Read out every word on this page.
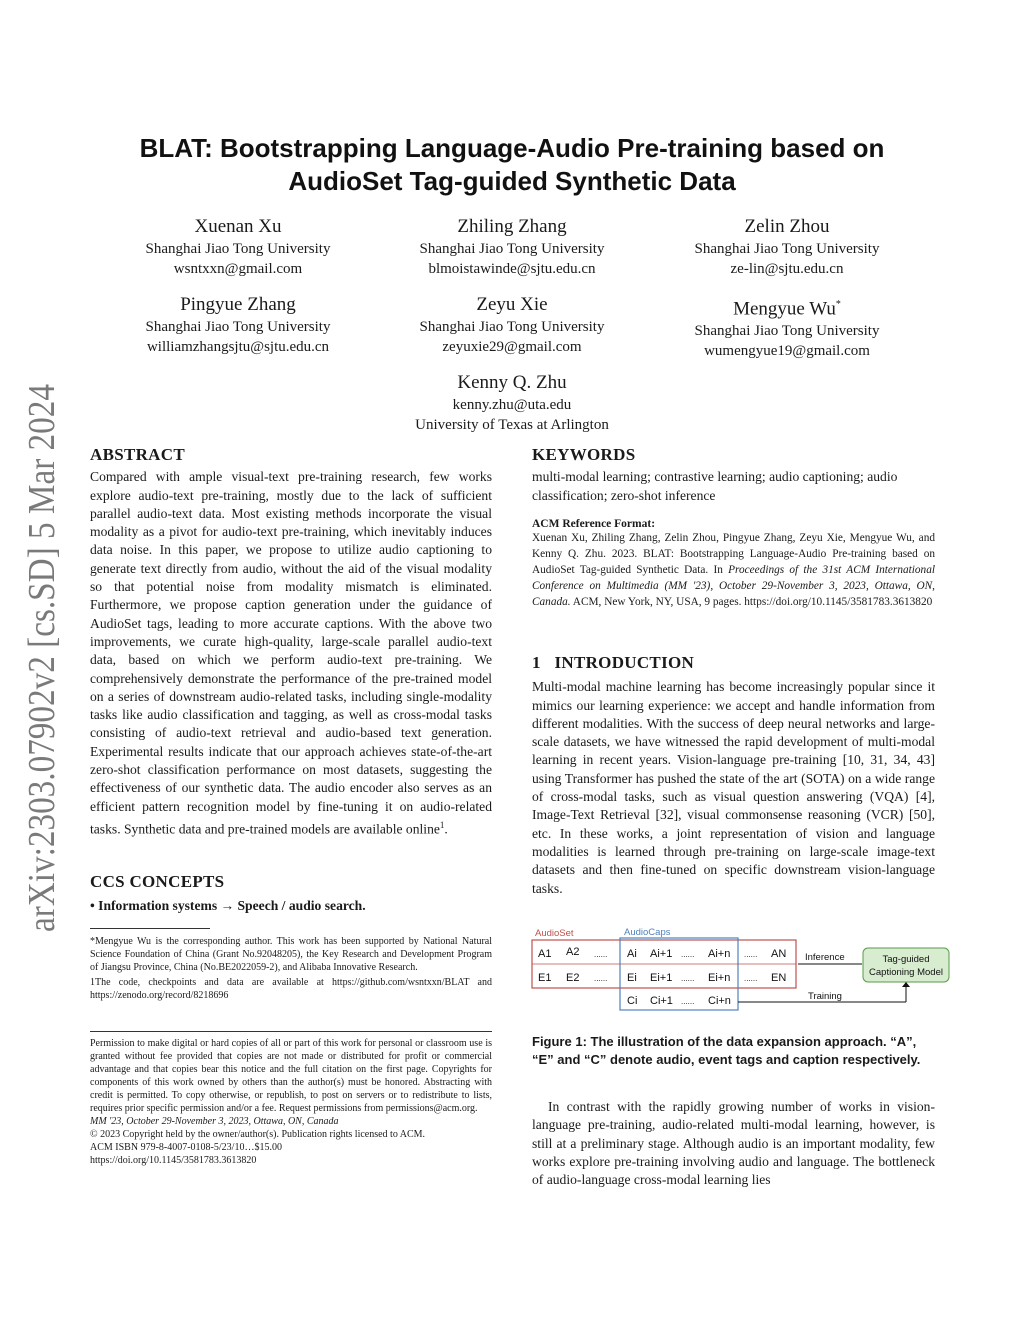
arXiv:2303.07902v2 [cs.SD] 5 Mar 2024
BLAT: Bootstrapping Language-Audio Pre-training based on
AudioSet Tag-guided Synthetic Data
Xuenan Xu
Shanghai Jiao Tong University
wsntxxn@gmail.com
Zhiling Zhang
Shanghai Jiao Tong University
blmoistawinde@sjtu.edu.cn
Zelin Zhou
Shanghai Jiao Tong University
ze-lin@sjtu.edu.cn
Pingyue Zhang
Shanghai Jiao Tong University
williamzhangsjtu@sjtu.edu.cn
Zeyu Xie
Shanghai Jiao Tong University
zeyuxie29@gmail.com
Mengyue Wu*
Shanghai Jiao Tong University
wumengyue19@gmail.com
Kenny Q. Zhu
kenny.zhu@uta.edu
University of Texas at Arlington
ABSTRACT

Compared with ample visual-text pre-training research, few works explore audio-text pre-training, mostly due to the lack of sufficient parallel audio-text data. Most existing methods incorporate the visual modality as a pivot for audio-text pre-training, which inevitably induces data noise. In this paper, we propose to utilize audio captioning to generate text directly from audio, without the aid of the visual modality so that potential noise from modality mismatch is eliminated. Furthermore, we propose caption generation under the guidance of AudioSet tags, leading to more accurate captions. With the above two improvements, we curate high-quality, large-scale parallel audio-text data, based on which we perform audio-text pre-training. We comprehensively demonstrate the performance of the pre-trained model on a series of downstream audio-related tasks, including single-modality tasks like audio classification and tagging, as well as cross-modal tasks consisting of audio-text retrieval and audio-based text generation. Experimental results indicate that our approach achieves state-of-the-art zero-shot classification performance on most datasets, suggesting the effectiveness of our synthetic data. The audio encoder also serves as an efficient pattern recognition model by fine-tuning it on audio-related tasks. Synthetic data and pre-trained models are available online$^1$.

CCS CONCEPTS

• Information systems → Speech / audio search.

*Mengyue Wu is the corresponding author. This work has been supported by National Natural Science Foundation of China (Grant No.92048205), the Key Research and Development Program of Jiangsu Province, China (No.BE2022059-2), and Alibaba Innovative Research.

1The code, checkpoints and data are available at https://github.com/wsntxxn/BLAT and https://zenodo.org/record/8218696

Permission to make digital or hard copies of all or part of this work for personal or classroom use is granted without fee provided that copies are not made or distributed for profit or commercial advantage and that copies bear this notice and the full citation on the first page. Copyrights for components of this work owned by others than the author(s) must be honored. Abstracting with credit is permitted. To copy otherwise, or republish, to post on servers or to redistribute to lists, requires prior specific permission and/or a fee. Request permissions from permissions@acm.org.

MM '23, October 29-November 3, 2023, Ottawa, ON, Canada

© 2023 Copyright held by the owner/author(s). Publication rights licensed to ACM.

ACM ISBN 979-8-4007-0108-5/23/10…$15.00

https://doi.org/10.1145/3581783.3613820

KEYWORDS

multi-modal learning; contrastive learning; audio captioning; audio classification; zero-shot inference

ACM Reference Format:

Xuenan Xu, Zhiling Zhang, Zelin Zhou, Pingyue Zhang, Zeyu Xie, Mengyue Wu, and Kenny Q. Zhu. 2023. BLAT: Bootstrapping Language-Audio Pre-training based on AudioSet Tag-guided Synthetic Data. In Proceedings of the 31st ACM International Conference on Multimedia (MM '23), October 29-November 3, 2023, Ottawa, ON, Canada. ACM, New York, NY, USA, 9 pages. https://doi.org/10.1145/3581783.3613820

1 INTRODUCTION

Multi-modal machine learning has become increasingly popular since it mimics our learning experience: we accept and handle information from different modalities. With the success of deep neural networks and large-scale datasets, we have witnessed the rapid development of multi-modal learning in recent years. Vision-language pre-training [10, 31, 34, 43] using Transformer has pushed the state of the art (SOTA) on a wide range of cross-modal tasks, such as visual question answering (VQA) [4], Image-Text Retrieval [32], visual commonsense reasoning (VCR) [50], etc. In these works, a joint representation of vision and language modalities is learned through pre-training on large-scale image-text datasets and then fine-tuned on specific downstream vision-language tasks.

AudioSet	AudioCaps
A1 A2 ...... Ai Ai+1 ...... Ai+n ...... AN
E1 E2 ...... Ei Ei+1 ...... Ei+n ...... EN
Ci Ci+1 ...... Ci+n
Inference	Tag-guided
Captioning Model
Training
Figure 1: The illustration of the data expansion approach. “A”, “E” and “C” denote audio, event tags and caption respectively.

In contrast with the rapidly growing number of works in vision-language pre-training, audio-related multi-modal learning, however, is still at a preliminary stage. Although audio is an important modality, few works explore pre-training involving audio and language. The bottleneck of audio-language cross-modal learning lies
